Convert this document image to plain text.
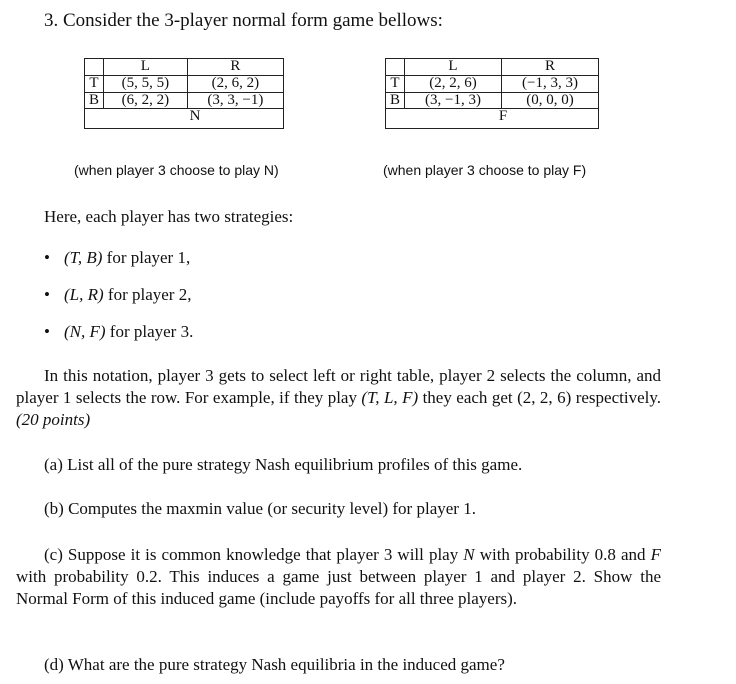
3. Consider the 3-player normal form game bellows:
	L	R
T	(5, 5, 5)	(2, 6, 2)
B	(6, 2, 2)	(3, 3, −1)
N		
	L	R
T	(2, 2, 6)	(−1, 3, 3)
B	(3, −1, 3)	(0, 0, 0)
F		
(when player 3 choose to play N)	(when player 3 choose to play F)
Here, each player has two strategies:
• (T, B) for player 1,
• (L, R) for player 2,
• (N, F) for player 3.

In this notation, player 3 gets to select left or right table, player 2 selects the column, and player 1 selects the row. For example, if they play (T, L, F) they each get (2, 2, 6) respectively. (20 points)

(a) List all of the pure strategy Nash equilibrium profiles of this game.

(b) Computes the maxmin value (or security level) for player 1.

(c) Suppose it is common knowledge that player 3 will play N with probability 0.8 and F with probability 0.2. This induces a game just between player 1 and player 2. Show the Normal Form of this induced game (include payoffs for all three players).

(d) What are the pure strategy Nash equilibria in the induced game?
